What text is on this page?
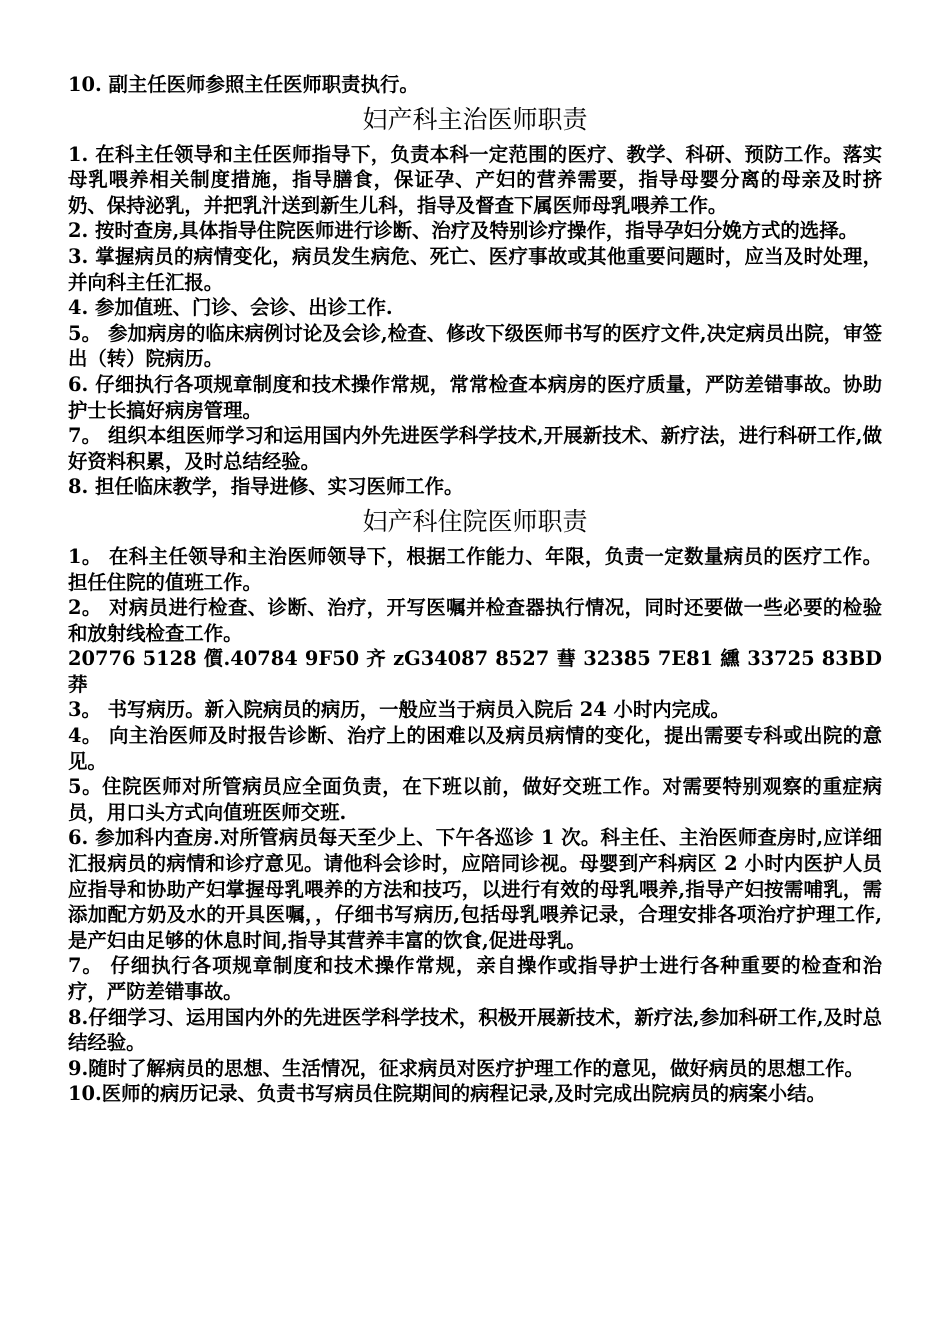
10. 副主任医师参照主任医师职责执行。

妇产科主治医师职责

1. 在科主任领导和主任医师指导下，负责本科一定范围的医疗、教学、科研、预防工作。落实母乳喂养相关制度措施，指导膳食，保证孕、产妇的营养需要，指导母婴分离的母亲及时挤奶、保持泌乳，并把乳汁送到新生儿科，指导及督查下属医师母乳喂养工作。

2. 按时查房,具体指导住院医师进行诊断、治疗及特别诊疗操作，指导孕妇分娩方式的选择。

3. 掌握病员的病情变化，病员发生病危、死亡、医疗事故或其他重要问题时，应当及时处理，并向科主任汇报。

4. 参加值班、门诊、会诊、出诊工作.

5。 参加病房的临床病例讨论及会诊,检查、修改下级医师书写的医疗文件,决定病员出院，审签出（转）院病历。

6. 仔细执行各项规章制度和技术操作常规，常常检查本病房的医疗质量，严防差错事故。协助护士长搞好病房管理。

7。 组织本组医师学习和运用国内外先进医学科学技术,开展新技术、新疗法，进行科研工作,做好资料积累，及时总结经验。

8. 担任临床教学，指导进修、实习医师工作。

妇产科住院医师职责

1。 在科主任领导和主治医师领导下，根据工作能力、年限，负责一定数量病员的医疗工作。担任住院的值班工作。

2。 对病员进行检查、诊断、治疗，开写医嘱并检查器执行情况，同时还要做一些必要的检验和放射线检查工作。

20776 5128 儨.40784 9F50 齐 zG34087 8527 蔧 32385 7E81 纁 33725 83BD 莽

3。 书写病历。新入院病员的病历，一般应当于病员入院后 24 小时内完成。

4。 向主治医师及时报告诊断、治疗上的困难以及病员病情的变化，提出需要专科或出院的意见。

5。住院医师对所管病员应全面负责，在下班以前，做好交班工作。对需要特别观察的重症病员，用口头方式向值班医师交班.

6. 参加科内查房.对所管病员每天至少上、下午各巡诊 1 次。科主任、主治医师查房时,应详细汇报病员的病情和诊疗意见。请他科会诊时，应陪同诊视。母婴到产科病区 2 小时内医护人员应指导和协助产妇掌握母乳喂养的方法和技巧，以进行有效的母乳喂养,指导产妇按需哺乳，需添加配方奶及水的开具医嘱，，仔细书写病历,包括母乳喂养记录，合理安排各项治疗护理工作,是产妇由足够的休息时间,指导其营养丰富的饮食,促进母乳。

7。 仔细执行各项规章制度和技术操作常规，亲自操作或指导护士进行各种重要的检查和治疗，严防差错事故。

8.仔细学习、运用国内外的先进医学科学技术，积极开展新技术，新疗法,参加科研工作,及时总结经验。

9.随时了解病员的思想、生活情况，征求病员对医疗护理工作的意见，做好病员的思想工作。

10.医师的病历记录、负责书写病员住院期间的病程记录,及时完成出院病员的病案小结。
